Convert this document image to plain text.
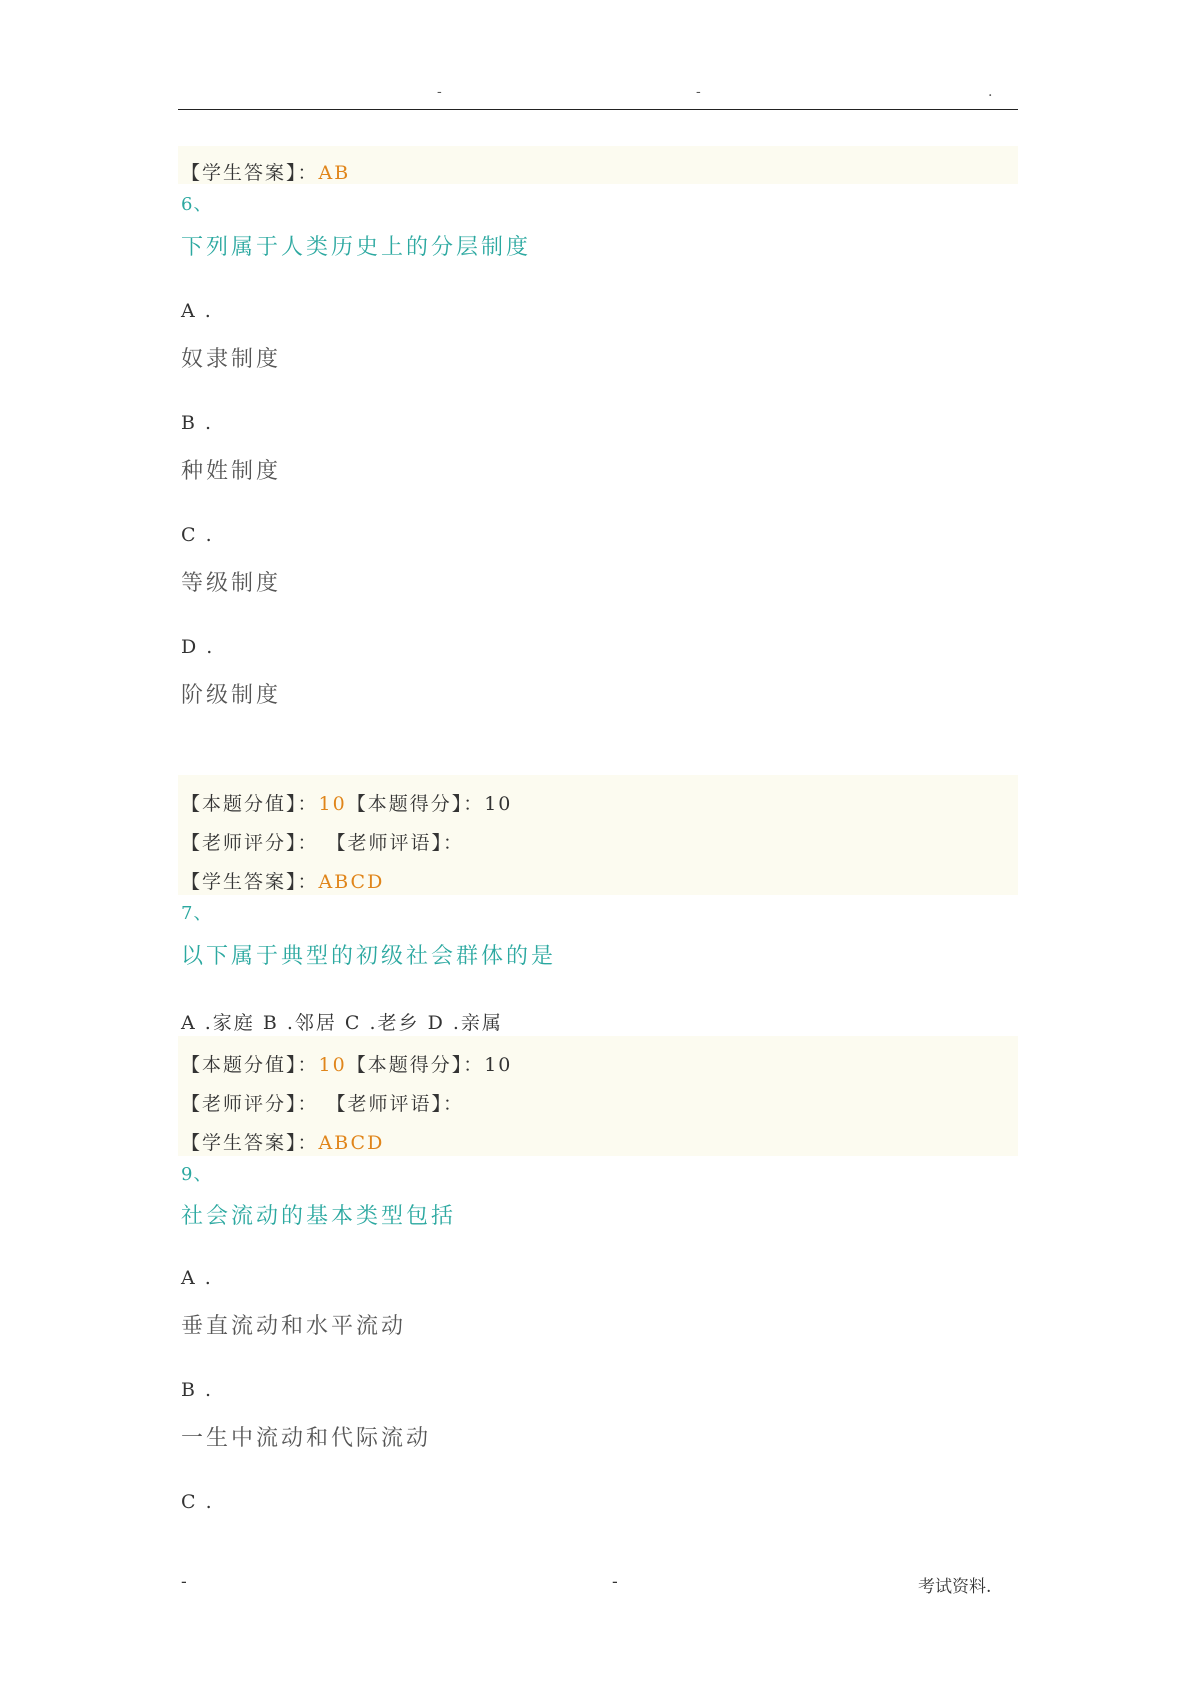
-	-	.
【学生答案】：AB
6、
下列属于人类历史上的分层制度
A .
奴隶制度
B .
种姓制度
C .
等级制度
D .
阶级制度
【本题分值】：10【本题得分】：10
【老师评分】： 【老师评语】：
【学生答案】：ABCD
7、
以下属于典型的初级社会群体的是
A .家庭 B .邻居 C .老乡 D .亲属
【本题分值】：10【本题得分】：10
【老师评分】： 【老师评语】：
【学生答案】：ABCD
9、
社会流动的基本类型包括
A .
垂直流动和水平流动
B .
一生中流动和代际流动
C .
-	-	考试资料.
